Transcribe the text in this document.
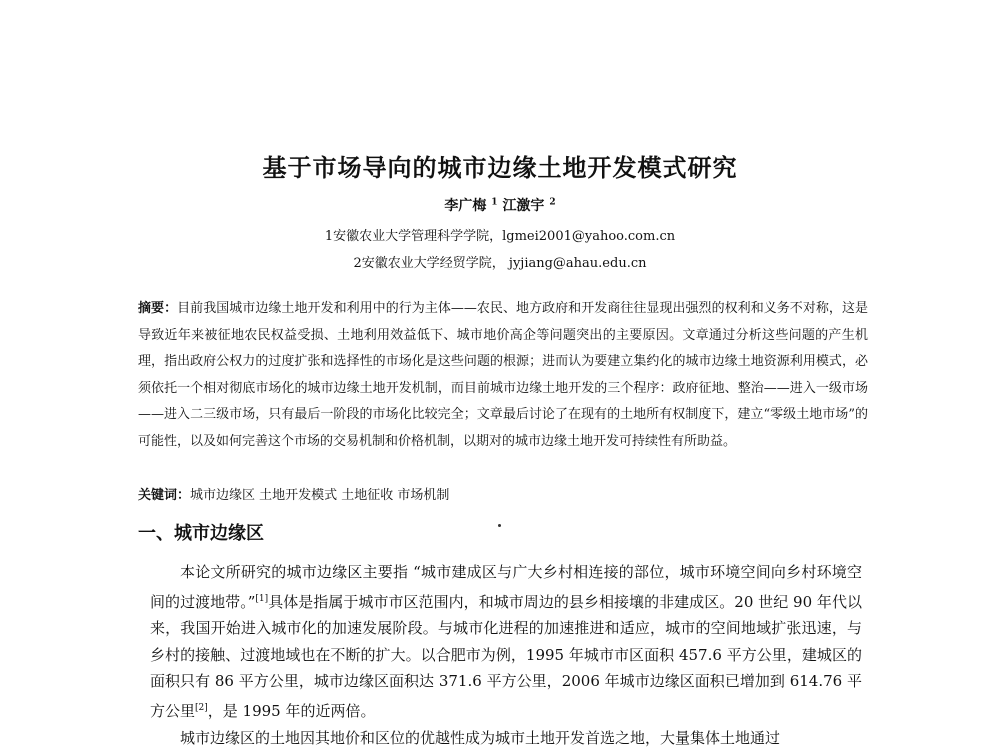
基于市场导向的城市边缘土地开发模式研究
李广梅 $^1$ 江激宇 $^2$
1安徽农业大学管理科学学院，lgmei2001@yahoo.com.cn
2安徽农业大学经贸学院， jyjiang@ahau.edu.cn
摘要：目前我国城市边缘土地开发和利用中的行为主体——农民、地方政府和开发商往往显现出强烈的权利和义务不对称，这是导致近年来被征地农民权益受损、土地利用效益低下、城市地价高企等问题突出的主要原因。文章通过分析这些问题的产生机理，指出政府公权力的过度扩张和选择性的市场化是这些问题的根源；进而认为要建立集约化的城市边缘土地资源利用模式，必须依托一个相对彻底市场化的城市边缘土地开发机制，而目前城市边缘土地开发的三个程序：政府征地、整治——进入一级市场——进入二三级市场，只有最后一阶段的市场化比较完全；文章最后讨论了在现有的土地所有权制度下，建立“零级土地市场”的可能性，以及如何完善这个市场的交易机制和价格机制，以期对的城市边缘土地开发可持续性有所助益。
关键词：城市边缘区 土地开发模式 土地征收 市场机制
一、城市边缘区

本论文所研究的城市边缘区主要指 “城市建成区与广大乡村相连接的部位，城市环境空间向乡村环境空间的过渡地带。”[1]具体是指属于城市市区范围内，和城市周边的县乡相接壤的非建成区。20 世纪 90 年代以来，我国开始进入城市化的加速发展阶段。与城市化进程的加速推进和适应，城市的空间地域扩张迅速，与乡村的接触、过渡地域也在不断的扩大。以合肥市为例，1995 年城市市区面积 457.6 平方公里，建城区的面积只有 86 平方公里，城市边缘区面积达 371.6 平方公里，2006 年城市边缘区面积已增加到 614.76 平方公里[2]，是 1995 年的近两倍。

城市边缘区的土地因其地价和区位的优越性成为城市土地开发首选之地，大量集体土地通过
